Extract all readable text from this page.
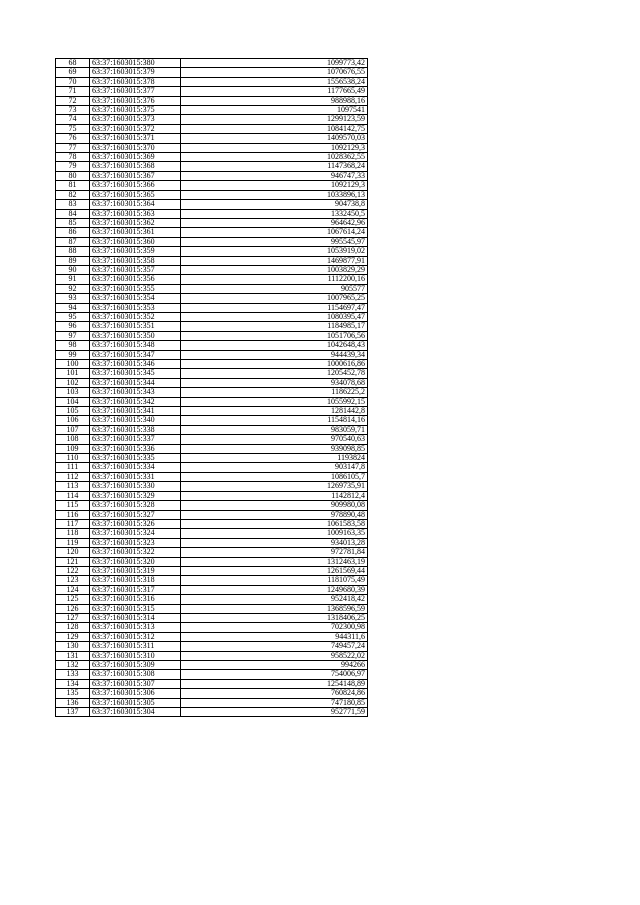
68	63:37:1603015:380	1099773,42
69	63:37:1603015:379	1070676,55
70	63:37:1603015:378	1556538,24
71	63:37:1603015:377	1177665,49
72	63:37:1603015:376	988988,16
73	63:37:1603015:375	1097541
74	63:37:1603015:373	1299123,59
75	63:37:1603015:372	1084142,75
76	63:37:1603015:371	1409570,03
77	63:37:1603015:370	1092129,3
78	63:37:1603015:369	1028362,55
79	63:37:1603015:368	1147368,24
80	63:37:1603015:367	946747,33
81	63:37:1603015:366	1092129,3
82	63:37:1603015:365	1033896,13
83	63:37:1603015:364	904738,8
84	63:37:1603015:363	1332450,5
85	63:37:1603015:362	964642,96
86	63:37:1603015:361	1067614,24
87	63:37:1603015:360	995545,97
88	63:37:1603015:359	1053919,02
89	63:37:1603015:358	1469877,91
90	63:37:1603015:357	1003829,29
91	63:37:1603015:356	1112200,16
92	63:37:1603015:355	905577
93	63:37:1603015:354	1007965,25
94	63:37:1603015:353	1154697,47
95	63:37:1603015:352	1080395,47
96	63:37:1603015:351	1184985,17
97	63:37:1603015:350	1051706,56
98	63:37:1603015:348	1042648,43
99	63:37:1603015:347	944439,34
100	63:37:1603015:346	1000616,86
101	63:37:1603015:345	1205452,78
102	63:37:1603015:344	934078,68
103	63:37:1603015:343	1186225,2
104	63:37:1603015:342	1055992,15
105	63:37:1603015:341	1281442,8
106	63:37:1603015:340	1154814,16
107	63:37:1603015:338	983059,71
108	63:37:1603015:337	970540,63
109	63:37:1603015:336	939098,85
110	63:37:1603015:335	1193824
111	63:37:1603015:334	903147,8
112	63:37:1603015:331	1086105,7
113	63:37:1603015:330	1269735,91
114	63:37:1603015:329	1142812,4
115	63:37:1603015:328	909980,08
116	63:37:1603015:327	978890,48
117	63:37:1603015:326	1061583,58
118	63:37:1603015:324	1009163,35
119	63:37:1603015:323	934013,28
120	63:37:1603015:322	972781,84
121	63:37:1603015:320	1312463,19
122	63:37:1603015:319	1261569,44
123	63:37:1603015:318	1181075,49
124	63:37:1603015:317	1249680,39
125	63:37:1603015:316	952418,42
126	63:37:1603015:315	1368596,59
127	63:37:1603015:314	1318406,25
128	63:37:1603015:313	702300,98
129	63:37:1603015:312	944311,6
130	63:37:1603015:311	749457,24
131	63:37:1603015:310	958522,02
132	63:37:1603015:309	994266
133	63:37:1603015:308	754006,97
134	63:37:1603015:307	1254148,89
135	63:37:1603015:306	760824,86
136	63:37:1603015:305	747180,85
137	63:37:1603015:304	952771,59
